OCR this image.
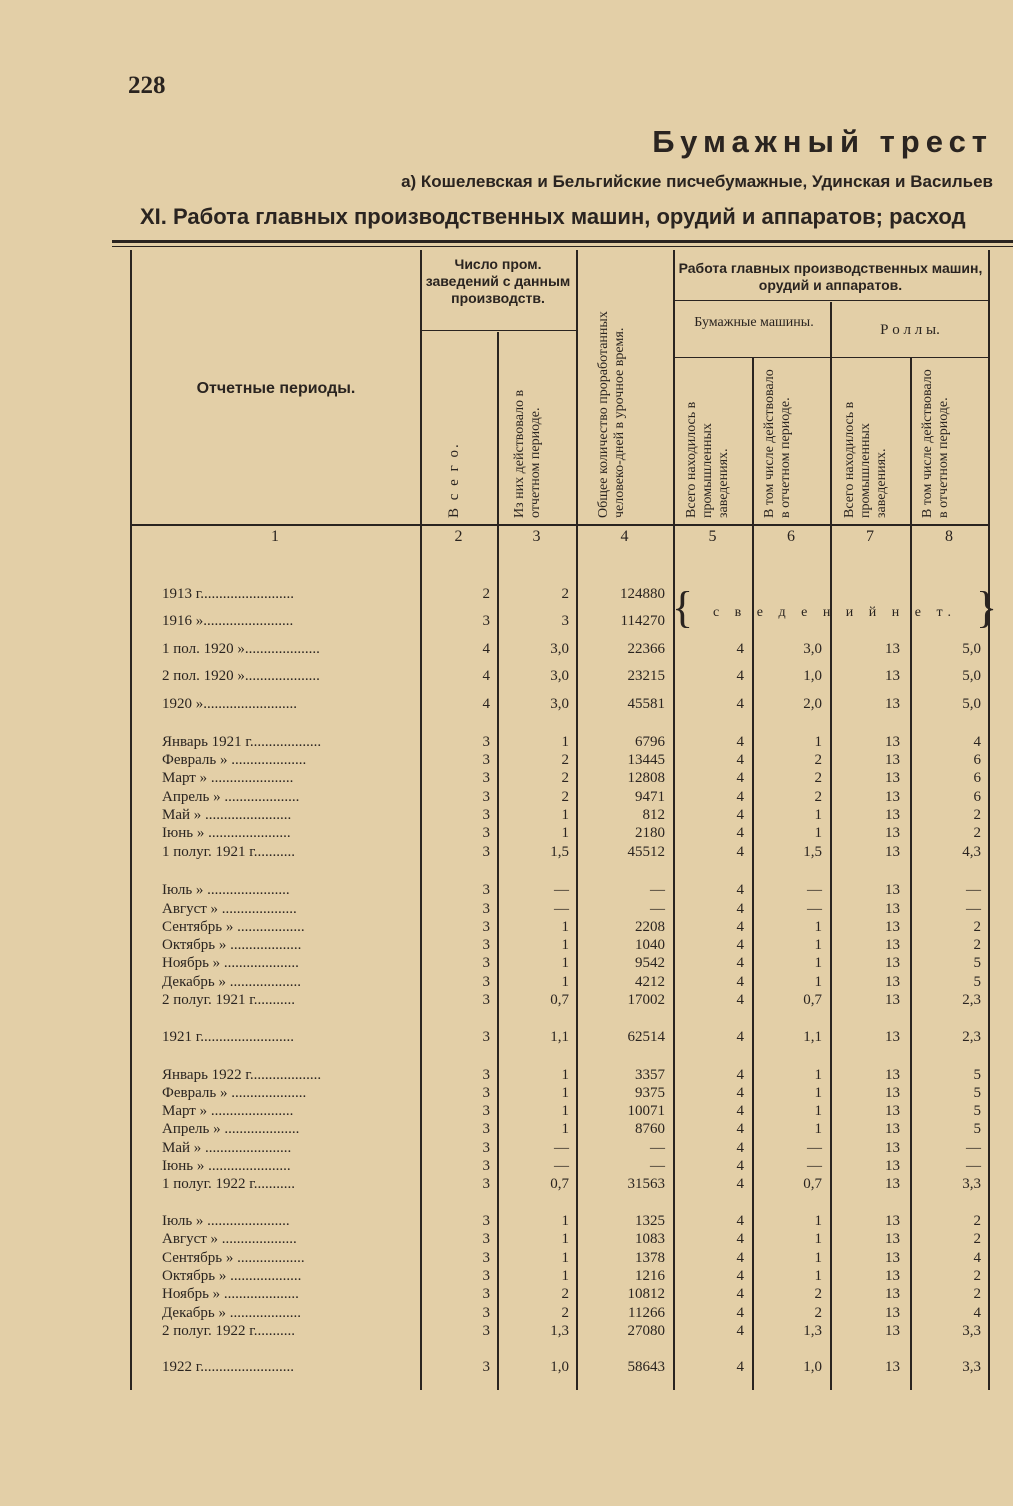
228
Бумажный трест
а) Кошелевская и Бельгийские писчебумажные, Удинская и Васильев
XI. Работа главных производственных машин, орудий и аппаратов; расход
Отчетные периоды.
Число пром. заведений с данным производств.
В с е г о.	Из них действовало в отчетном периоде.	Общее количество проработанных человеко-дней в урочное время.
Работа главных производственных машин, орудий и аппаратов.
Бумажные машины.	Р о л л ы.
Всего находилось в промышленных заведениях.	В том числе действовало в отчетном периоде.	Всего находилось в промышленных заведениях.	В том числе действовало в отчетном периоде.
1	2	3	4	5	6	7	8
{	с в е д е н и й н е т. }
1913 г.........................	2	2	124880
1916 »........................	3	3	114270
1 пол. 1920 »....................	4	3,0	22366	4	3,0	13	5,0
2 пол. 1920 »....................	4	3,0	23215	4	1,0	13	5,0
1920 ».........................	4	3,0	45581	4	2,0	13	5,0
Январь 1921 г...................	3	1	6796	4	1	13	4
Февраль » ....................	3	2	13445	4	2	13	6
Март » ......................	3	2	12808	4	2	13	6
Апрель » ....................	3	2	9471	4	2	13	6
Май » .......................	3	1	812	4	1	13	2
Іюнь » ......................	3	1	2180	4	1	13	2
1 полуг. 1921 г...........	3	1,5	45512	4	1,5	13	4,3
Іюль » ......................	3	—	—	4	—	13	—
Август » ....................	3	—	—	4	—	13	—
Сентябрь » ..................	3	1	2208	4	1	13	2
Октябрь » ...................	3	1	1040	4	1	13	2
Ноябрь » ....................	3	1	9542	4	1	13	5
Декабрь » ...................	3	1	4212	4	1	13	5
2 полуг. 1921 г...........	3	0,7	17002	4	0,7	13	2,3
1921 г.........................	3	1,1	62514	4	1,1	13	2,3
Январь 1922 г...................	3	1	3357	4	1	13	5
Февраль » ....................	3	1	9375	4	1	13	5
Март » ......................	3	1	10071	4	1	13	5
Апрель » ....................	3	1	8760	4	1	13	5
Май » .......................	3	—	—	4	—	13	—
Іюнь » ......................	3	—	—	4	—	13	—
1 полуг. 1922 г...........	3	0,7	31563	4	0,7	13	3,3
Іюль » ......................	3	1	1325	4	1	13	2
Август » ....................	3	1	1083	4	1	13	2
Сентябрь » ..................	3	1	1378	4	1	13	4
Октябрь » ...................	3	1	1216	4	1	13	2
Ноябрь » ....................	3	2	10812	4	2	13	2
Декабрь » ...................	3	2	11266	4	2	13	4
2 полуг. 1922 г...........	3	1,3	27080	4	1,3	13	3,3
1922 г.........................	3	1,0	58643	4	1,0	13	3,3
